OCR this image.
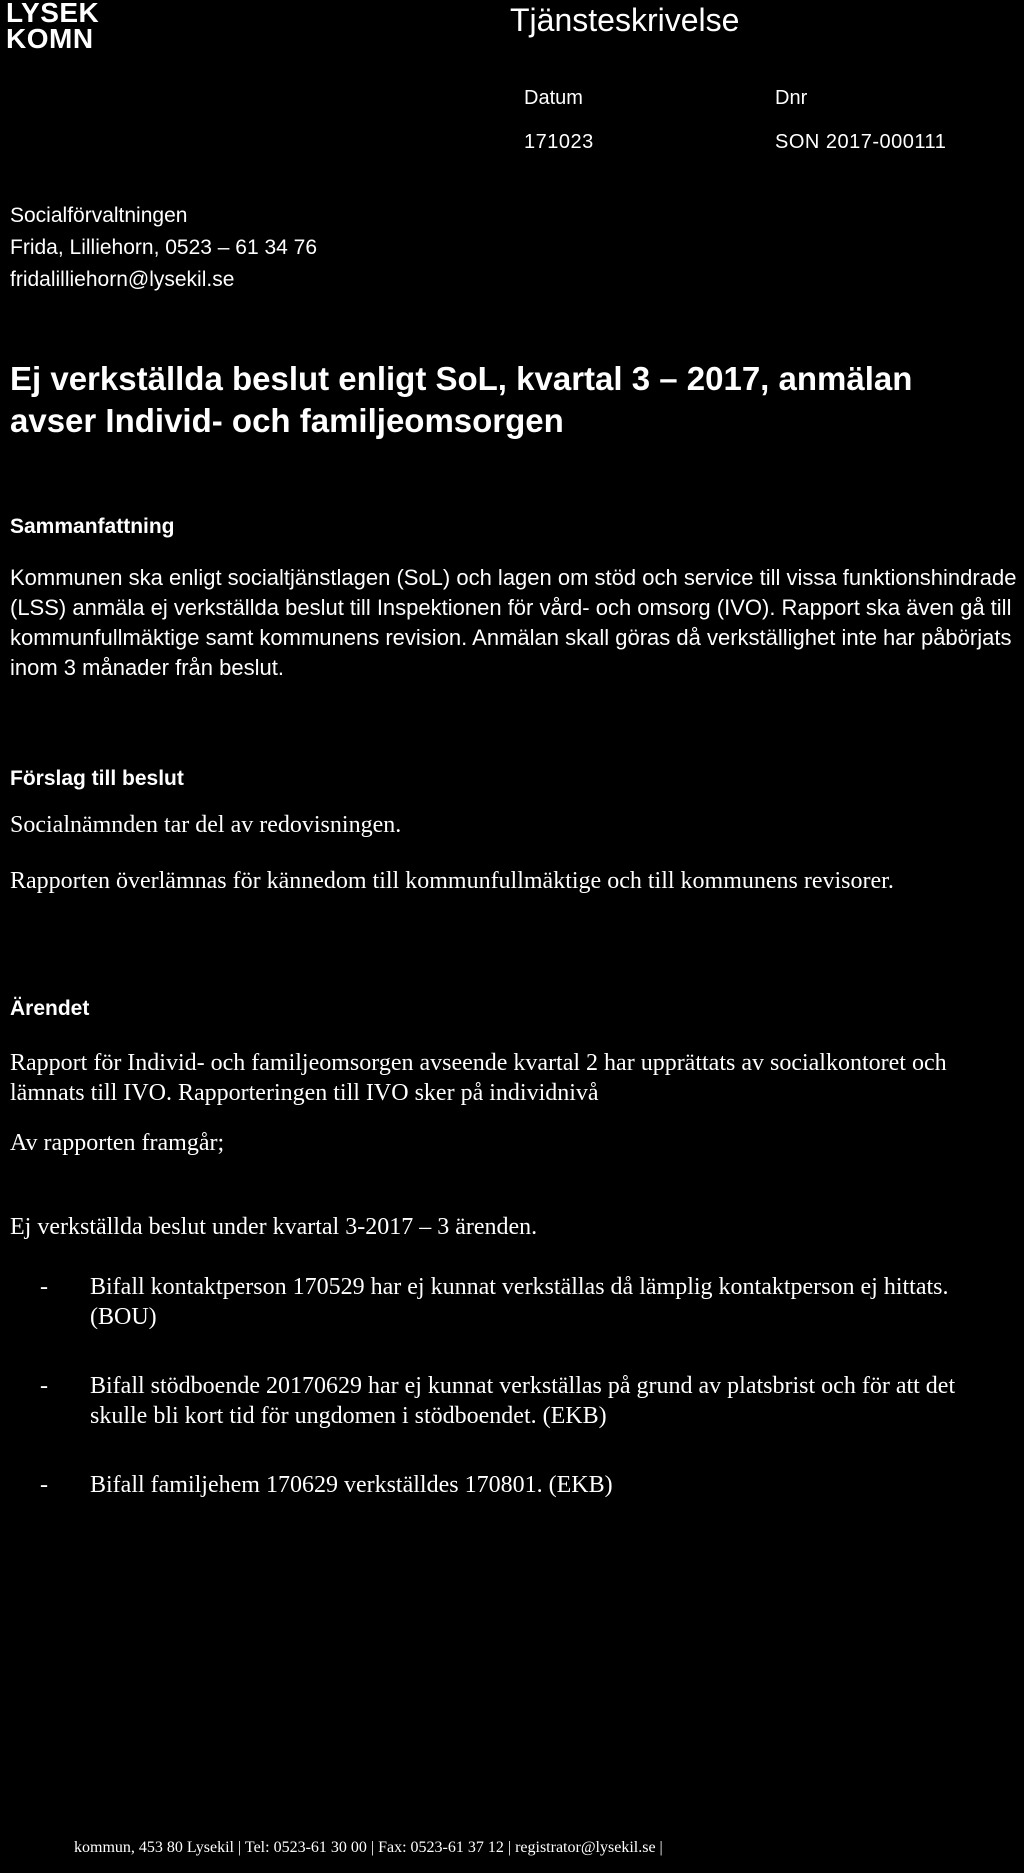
LYSEK
KOMN
Tjänsteskrivelse
Datum
171023
Dnr
SON 2017-000111
Socialförvaltningen
Frida, Lilliehorn, 0523 – 61 34 76
fridalilliehorn@lysekil.se
Ej verkställda beslut enligt SoL, kvartal 3 – 2017, anmälan avser Individ- och familjeomsorgen
Sammanfattning
Kommunen ska enligt socialtjänstlagen (SoL) och lagen om stöd och service till vissa funktionshindrade (LSS) anmäla ej verkställda beslut till Inspektionen för vård- och omsorg (IVO). Rapport ska även gå till kommunfullmäktige samt kommunens revision. Anmälan skall göras då verkställighet inte har påbörjats inom 3 månader från beslut.
Förslag till beslut
Socialnämnden tar del av redovisningen.
Rapporten överlämnas för kännedom till kommunfullmäktige och till kommunens revisorer.
Ärendet
Rapport för Individ- och familjeomsorgen avseende kvartal 2 har upprättats av socialkontoret och lämnats till IVO. Rapporteringen till IVO sker på individnivå
Av rapporten framgår;
Ej verkställda beslut under kvartal 3-2017 – 3 ärenden.
- Bifall kontaktperson 170529 har ej kunnat verkställas då lämplig kontaktperson ej hittats. (BOU)
- Bifall stödboende 20170629 har ej kunnat verkställas på grund av platsbrist och för att det skulle bli kort tid för ungdomen i stödboendet. (EKB)
- Bifall familjehem 170629 verkställdes 170801. (EKB)
kommun, 453 80 Lysekil | Tel: 0523-61 30 00 | Fax: 0523-61 37 12 | registrator@lysekil.se |
